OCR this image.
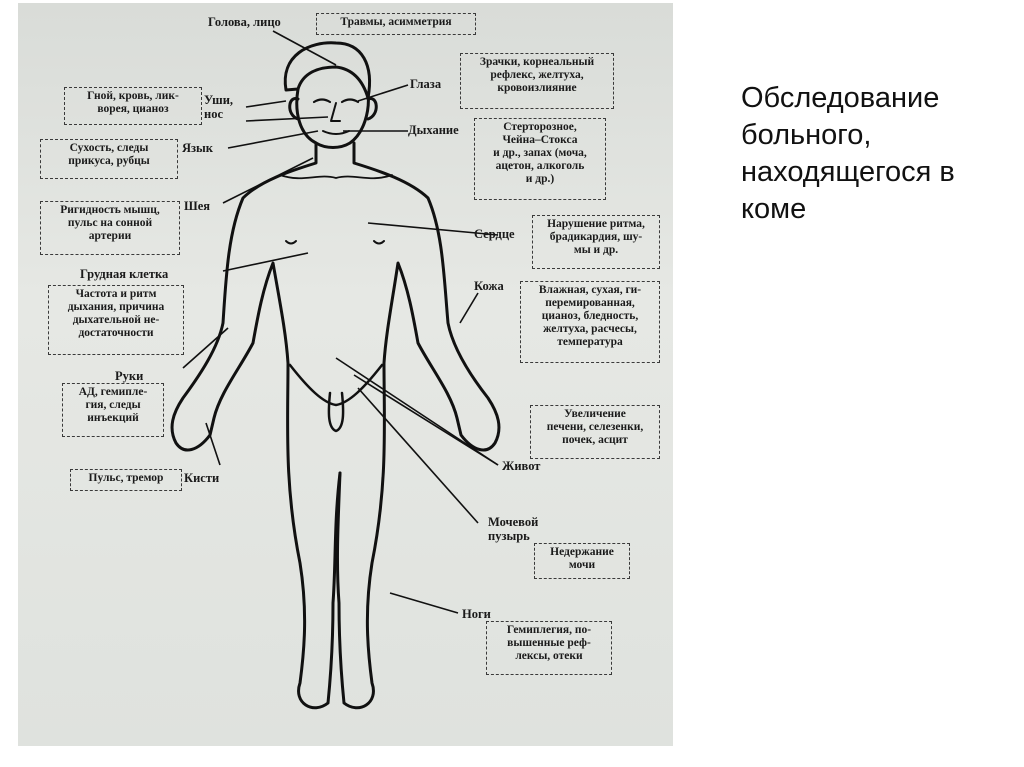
Обследование больного, находящегося в коме
Голова, лицо
Глаза
Уши,
нос
Дыхание
Язык
Шея
Сердце
Грудная клетка
Кожа
Руки
Кисти
Живот
Мочевой
пузырь
Ноги
Травмы, асимметрия
Зрачки, корнеальный
рефлекс, желтуха,
кровоизлияние
Гной, кровь, лик-
ворея, цианоз
Стерторозное,
Чейна–Стокса
и др., запах (моча,
ацетон, алкоголь
и др.)
Сухость, следы
прикуса, рубцы
Ригидность мышц,
пульс на сонной
артерии
Нарушение ритма,
брадикардия, шу-
мы и др.
Частота и ритм
дыхания, причина
дыхательной не-
достаточности
Влажная, сухая, ги-
перемированная,
цианоз, бледность,
желтуха, расчесы,
температура
АД, гемипле-
гия, следы
инъекций	Увеличение
печени, селезенки,
почек, асцит
Пульс, тремор
Недержание
мочи
Гемиплегия, по-
вышенные реф-
лексы, отеки
